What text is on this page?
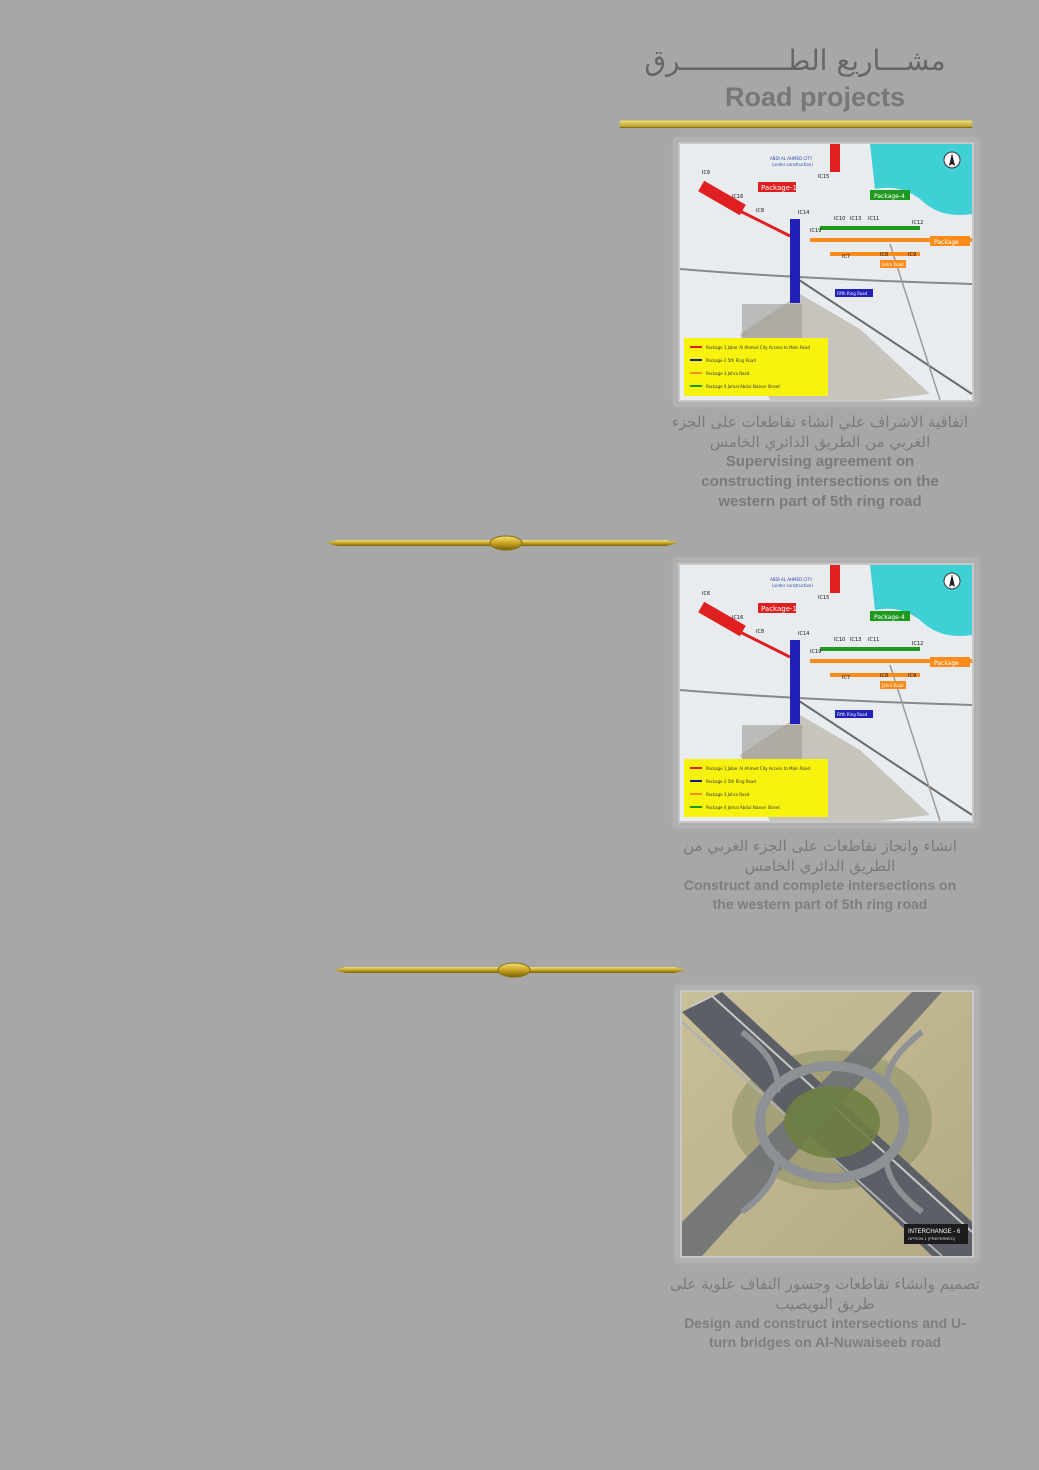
مشـــاريع الطـــــــــــــرق
Road projects
Package 1 Jaber Al Ahmed City Access to Main Road
Package 2 5th Ring Road
Package 3 Jahra Road
Package 4 Jamal Abdul Nasser Street
Package-1
Package-4
Package
Fifth Ring Road
Jahra Road
ABDI AL AHMED CITY
(under construction)
IC6
IC16
IC8
IC15
IC14
IC19
IC10 IC13 IC11
IC12
IC7	IC8	IC9
اتفاقية الاشراف علي انشاء تقاطعات على الجزء
الغربي من الطريق الدائري الخامس
Supervising agreement on
constructing intersections on the
western part of 5th ring road
Package 1 Jaber Al Ahmed City Access to Main Road
Package 2 5th Ring Road
Package 3 Jahra Road
Package 4 Jamal Abdul Nasser Street
Package-1
Package-4
Package
Fifth Ring Road
Jahra Road
ABDI AL AHMED CITY
(under construction)
IC6
IC16
IC8
IC15
IC14
IC19
IC10 IC13 IC11
IC12
IC7	IC8	IC9
انشاء وانجاز تقاطعات على الجزء الغربي من
الطريق الدائري الخامس
Construct and complete intersections on
the western part of 5th ring road
INTERCHANGE - 6
OPTION 1 (PREFERRED)
تصميم وانشاء تقاطعات وجسور التفاف علوية على
طريق النويصيب
Design and construct intersections and U-
turn bridges on Al-Nuwaiseeb road
